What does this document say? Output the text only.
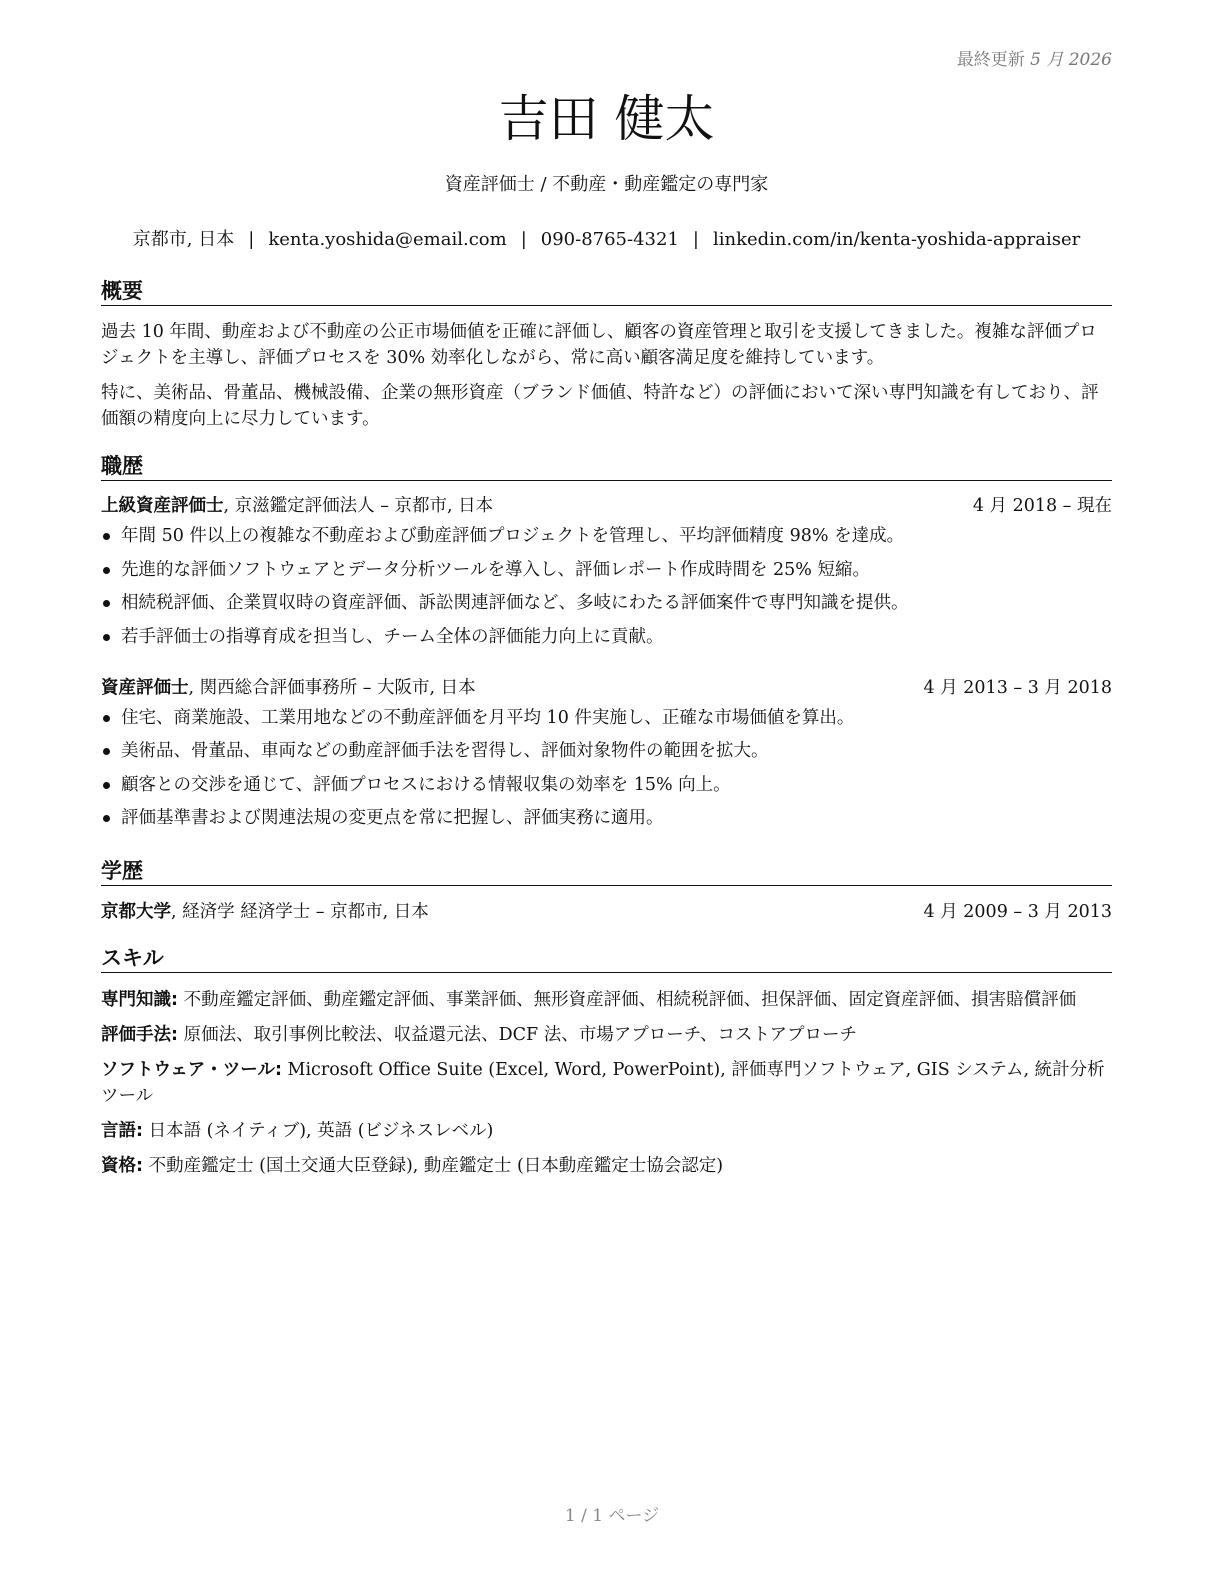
最終更新 5 月 2026
吉田 健太
資産評価士 / 不動産・動産鑑定の専門家
京都市, 日本 | kenta.yoshida@email.com | 090-8765-4321 | linkedin.com/in/kenta-yoshida-appraiser
概要

過去 10 年間、動産および不動産の公正市場価値を正確に評価し、顧客の資産管理と取引を支援してきました。複雑な評価プロジェクトを主導し、評価プロセスを 30% 効率化しながら、常に高い顧客満足度を維持しています。

特に、美術品、骨董品、機械設備、企業の無形資産（ブランド価値、特許など）の評価において深い専門知識を有しており、評価額の精度向上に尽力しています。

職歴
上級資産評価士, 京滋鑑定評価法人 – 京都市, 日本	4 月 2018 – 現在
年間 50 件以上の複雑な不動産および動産評価プロジェクトを管理し、平均評価精度 98% を達成。
先進的な評価ソフトウェアとデータ分析ツールを導入し、評価レポート作成時間を 25% 短縮。
相続税評価、企業買収時の資産評価、訴訟関連評価など、多岐にわたる評価案件で専門知識を提供。
若手評価士の指導育成を担当し、チーム全体の評価能力向上に貢献。
資産評価士, 関西総合評価事務所 – 大阪市, 日本	4 月 2013 – 3 月 2018
住宅、商業施設、工業用地などの不動産評価を月平均 10 件実施し、正確な市場価値を算出。
美術品、骨董品、車両などの動産評価手法を習得し、評価対象物件の範囲を拡大。
顧客との交渉を通じて、評価プロセスにおける情報収集の効率を 15% 向上。
評価基準書および関連法規の変更点を常に把握し、評価実務に適用。
学歴
京都大学, 経済学 経済学士 – 京都市, 日本	4 月 2009 – 3 月 2013
スキル

専門知識: 不動産鑑定評価、動産鑑定評価、事業評価、無形資産評価、相続税評価、担保評価、固定資産評価、損害賠償評価

評価手法: 原価法、取引事例比較法、収益還元法、DCF 法、市場アプローチ、コストアプローチ

ソフトウェア・ツール: Microsoft Office Suite (Excel, Word, PowerPoint), 評価専門ソフトウェア, GIS システム, 統計分析ツール

言語: 日本語 (ネイティブ), 英語 (ビジネスレベル)

資格: 不動産鑑定士 (国土交通大臣登録), 動産鑑定士 (日本動産鑑定士協会認定)

1 / 1 ページ
